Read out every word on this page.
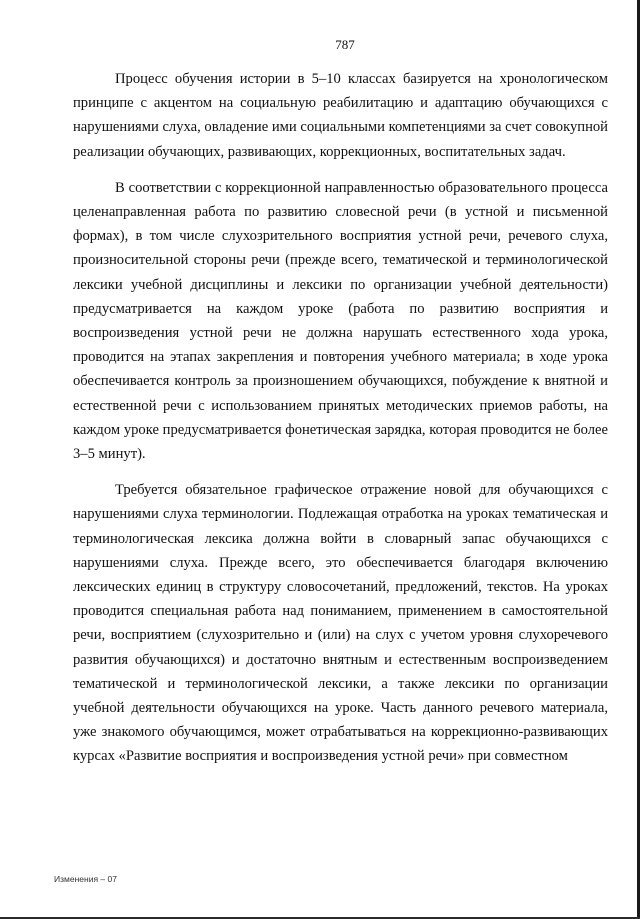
787

Процесс обучения истории в 5–10 классах базируется на хронологическом принципе с акцентом на социальную реабилитацию и адаптацию обучающихся с нарушениями слуха, овладение ими социальными компетенциями за счет совокупной реализации обучающих, развивающих, коррекционных, воспитательных задач.

В соответствии с коррекционной направленностью образовательного процесса целенаправленная работа по развитию словесной речи (в устной и письменной формах), в том числе слухозрительного восприятия устной речи, речевого слуха, произносительной стороны речи (прежде всего, тематической и терминологической лексики учебной дисциплины и лексики по организации учебной деятельности) предусматривается на каждом уроке (работа по развитию восприятия и воспроизведения устной речи не должна нарушать естественного хода урока, проводится на этапах закрепления и повторения учебного материала; в ходе урока обеспечивается контроль за произношением обучающихся, побуждение к внятной и естественной речи с использованием принятых методических приемов работы, на каждом уроке предусматривается фонетическая зарядка, которая проводится не более 3–5 минут).

Требуется обязательное графическое отражение новой для обучающихся с нарушениями слуха терминологии. Подлежащая отработка на уроках тематическая и терминологическая лексика должна войти в словарный запас обучающихся с нарушениями слуха. Прежде всего, это обеспечивается благодаря включению лексических единиц в структуру словосочетаний, предложений, текстов. На уроках проводится специальная работа над пониманием, применением в самостоятельной речи, восприятием (слухозрительно и (или) на слух с учетом уровня слухоречевого развития обучающихся) и достаточно внятным и естественным воспроизведением тематической и терминологической лексики, а также лексики по организации учебной деятельности обучающихся на уроке. Часть данного речевого материала, уже знакомого обучающимся, может отрабатываться на коррекционно-развивающих курсах «Развитие восприятия и воспроизведения устной речи» при совместном

Изменения – 07
